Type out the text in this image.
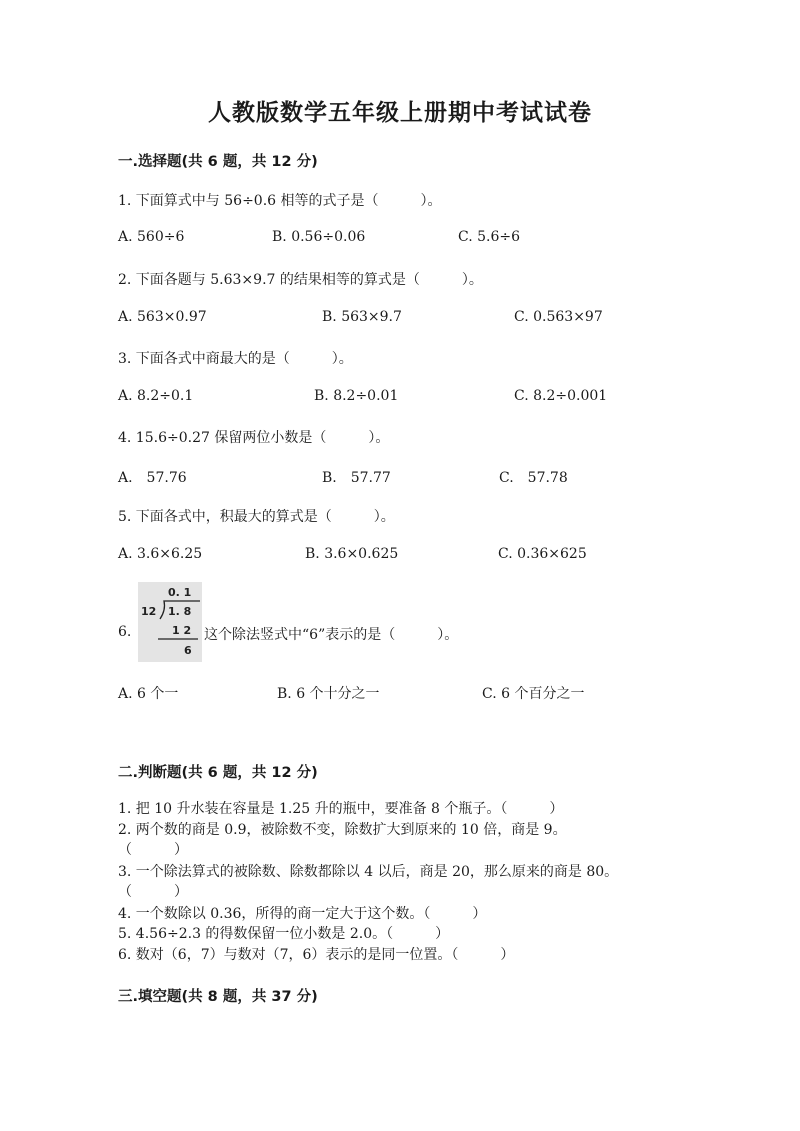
人教版数学五年级上册期中考试试卷
一.选择题(共 6 题，共 12 分)
1. 下面算式中与 56÷0.6 相等的式子是（　　　）。
A. 560÷6	B. 0.56÷0.06	C. 5.6÷6
2. 下面各题与 5.63×9.7 的结果相等的算式是（　　　）。
A. 563×0.97	B. 563×9.7	C. 0.563×97
3. 下面各式中商最大的是（　　　）。
A. 8.2÷0.1	B. 8.2÷0.01	C. 8.2÷0.001
4. 15.6÷0.27 保留两位小数是（　　　）。
A.　57.76	B.　57.77	C.　57.78
5. 下面各式中，积最大的算式是（　　　）。
A. 3.6×6.25	B. 3.6×0.625	C. 0.36×625
6.
0. 1
12 1. 8
1 2
6
这个除法竖式中“6”表示的是（　　　）。
A. 6 个一	B. 6 个十分之一	C. 6 个百分之一
二.判断题(共 6 题，共 12 分)
1. 把 10 升水装在容量是 1.25 升的瓶中，要准备 8 个瓶子。（　　　）
2. 两个数的商是 0.9，被除数不变，除数扩大到原来的 10 倍，商是 9。
（　　　）
3. 一个除法算式的被除数、除数都除以 4 以后，商是 20，那么原来的商是 80。
（　　　）
4. 一个数除以 0.36，所得的商一定大于这个数。（　　　）
5. 4.56÷2.3 的得数保留一位小数是 2.0。（　　　）
6. 数对（6，7）与数对（7，6）表示的是同一位置。（　　　）
三.填空题(共 8 题，共 37 分)
